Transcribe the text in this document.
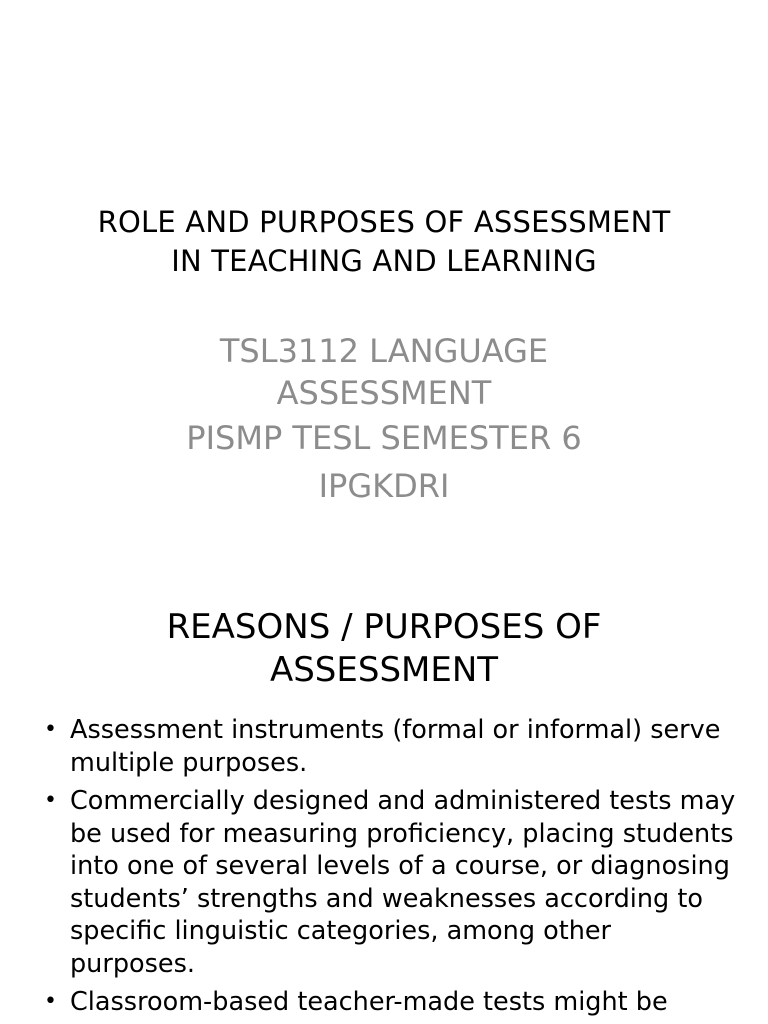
ROLE AND PURPOSES OF ASSESSMENT
IN TEACHING AND LEARNING
TSL3112 LANGUAGE
ASSESSMENT
PISMP TESL SEMESTER 6
IPGKDRI
REASONS / PURPOSES OF
ASSESSMENT
• Assessment instruments (formal or informal) serve multiple purposes.
• Commercially designed and administered tests may be used for measuring proficiency, placing students into one of several levels of a course, or diagnosing students’ strengths and weaknesses according to specific linguistic categories, among other purposes.
• Classroom-based teacher-made tests might be
